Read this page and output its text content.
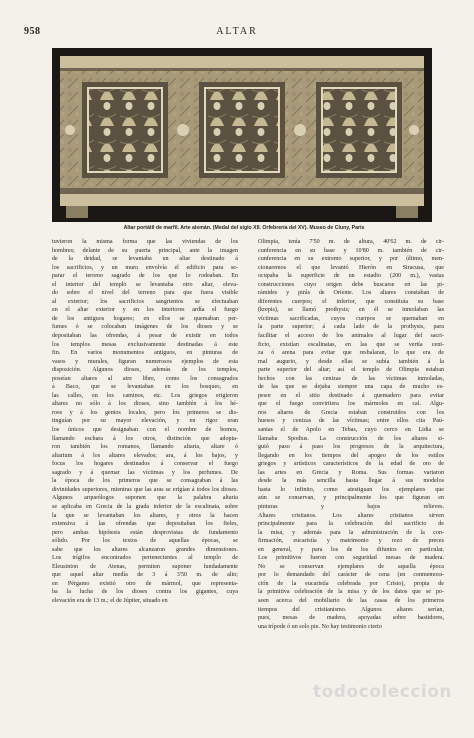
958	ALTAR
Altar portátil de marfil. Arte alemán. (Medal del siglo XII. Orfebrería del XV). Museo de Cluny, París
tuvieron la misma forma que las viviendas de los
hombres; delante de su puerta principal, ante la imagen
de la deidad, se levantaba un altar destinado á
los sacrificios, y un muro envolvía el edificio para se-
parar el terreno sagrado de los que lo rodeaban. En
el interior del templo se levantaba otro altar, eleva-
do sobre el nivel del terreno para que fuera visible
al exterior; los sacrificios sangrientos se efectuaban
en el altar exterior y en los interiores ardía el fuego
de los antiguos hogares; en ellos se quemaban per-
fumes ó se colocaban imágenes de los dioses y se
depositaban las ofrendas, á pesar de existir en todos
los templos mesas exclusivamente destinadas á este
fin. En varios monumentos antiguos, en pinturas de
vasos y murales, figuran numerosos ejemplos de esta
disposición. Algunos dioses, además de los templos,
poseían altares al aire libre, como los consagrados
á Baco, que se levantaban en los bosques, en
las calles, en los caminos, etc. Los griegos erigieron
altares no sólo á los dioses, sino también á los hé-
roes y á los genios locales, pero los primeros se dis-
tinguían por su mayor elevación, y en rigor eran
los únicos que designaban con el nombre de bomos,
llamando eschara á los otros, distinción que adopta-
ron también los romanos, llamando altaria, altare ó
altarium á los altares elevados; ara, á los bajos, y
focus los hogares destinados á conservar el fuego
sagrado y á quemar las víctimas y los perfumes. De
la época de los primeros que se consagraban á las
divinidades superiores, mientras que las aras se erigían á todos los dioses.
Algunos arqueólogos suponen que la palabra altaria
se aplicaba en Grecia de la grada inferior de la escalinata, sobre
la que se levantaban los altares, y otros la hacen
extensiva á las ofrendas que depositaban los fieles,
pero ambas hipótesis están desprovistas de fundamento
sólido. Por los textos de aquellas épocas, se
sabe que los altares alcanzaron grandes dimensiones.
Los trígifos encontrados pertenecientes al templo de
Eleusinion de Atenas, permiten suponer fundadamente
que aquel altar medía de 3 á 3'50 m. de alto;
en Pérgamo existió otro de mármol, que representa-
ba la lucha de los dioses contra los gigantes, cuya
elevación era de 13 m.; el de Júpiter, situado en
Olimpia, tenía 7'50 m. de altura, 40'62 m. de cir-
cunferencia en su base y 10'80 m. también de cir-
cunferencia en su extremo superior, y por último, men-
cionaremos el que levantó Hierón en Siracusa, que
ocupaba la superficie de un estadio (200 m.), vastas
construcciones cuyo origen debe buscarse en las pi-
rámides y pirás de Oriente. Los altares constaban de
diferentes cuerpos; el inferior, que constituía su base
(krepis), se llamó prothysis; en él se inmolaban las
víctimas sacrificadas, cuyos cuerpos se quemaban en
la parte superior; á cada lado de la prothysis, para
facilitar el acceso de los animales al lugar del sacri-
ficio, existían escalinatas, en las que se vertía ceni-
za ó arena para evitar que resbalaran, lo que era de
mal augurio, y desde ellas se subía también á la
parte superior del altar; así el templo de Olimpia estaban
hechos con las cenizas de las víctimas inmoladas,
de las que se dejaba siempre una capa de mucho es-
pesor en el sitio destinado á quemadero para evitar
que el fuego convirtiera los mármoles en cal. Algu-
nos altares de Grecia estaban construidos con los
huesos y cenizas de las víctimas; entre ellos cita Pau-
sanias el de Apolo en Tebas, cuyo cerco en Lidia se
llamaba Spodius. La construcción de los altares si-
guió paso á paso los progresos de la arquitectura,
llegando en los tiempos del apogeo de los estilos
griegos y artísticos característicos de la edad de oro de
las artes en Grecia y Roma. Sus formas variaron
desde la más sencilla hasta llegar á sus modelos
hasta lo infinito, como atestiguan los ejemplares que
aún se conservan, y principalmente los que figuran en
pinturas y bajos relieves.
Altares cristianos. Los altares cristianos sirven
principalmente para la celebración del sacrificio de
la misa, y además para la administración de la con-
firmación, eucaristía y matrimonio y rezo de preces
en general, y para los de los difuntos en particular.
Los primitivos fueron con seguridad mesas de madera.
No se conservan ejemplares de aquella época
por lo demandado del carácter de cena (en conmemora-
ción de la eucaristía celebrada por Cristo), propia de
la primitiva celebración de la misa y de los datos que se po-
seen acerca del mobiliario de las casas de los primeros
tiempos del cristianismo. Algunos altares serían,
pues, mesas de madera, apoyadas sobre bastidores,
una trípode ó un solo pie. No hay testimonio cierto
todocoleccion
